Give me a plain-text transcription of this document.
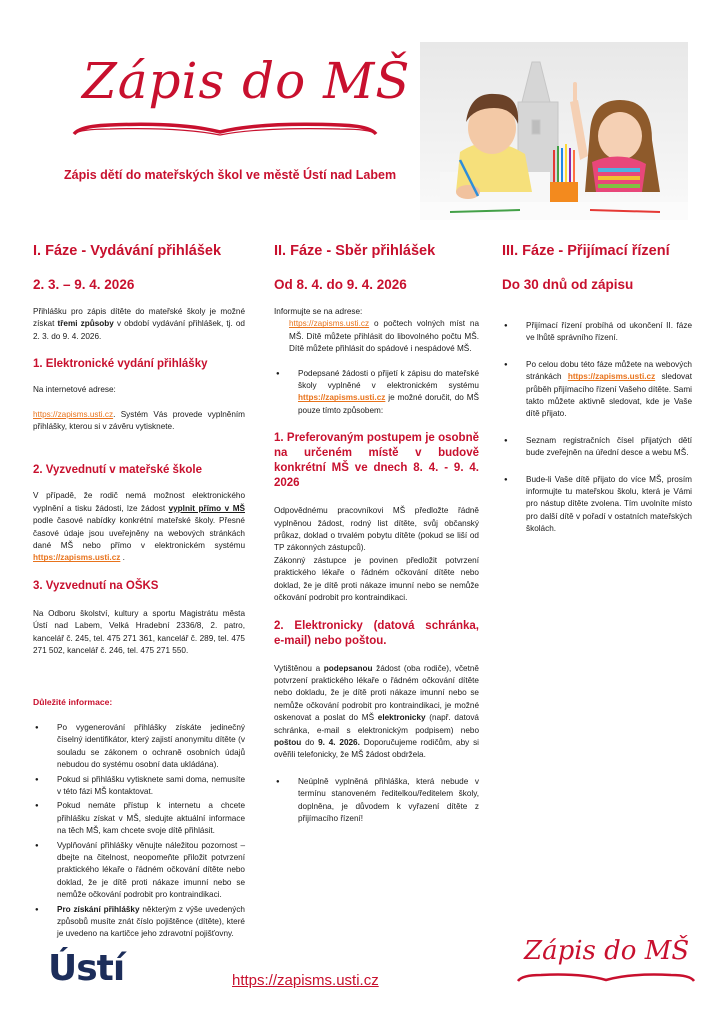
Zápis do MŠ
Zápis dětí do mateřských škol ve městě Ústí nad Labem
I. Fáze - Vydávání přihlášek
2. 3. – 9. 4. 2026

Přihlášku pro zápis dítěte do mateřské školy je možné získat třemi způsoby v období vydávání přihlášek, tj. od 2. 3. do 9. 4. 2026.

1. Elektronické vydání přihlášky

Na internetové adrese:

https://zapisms.usti.cz. Systém Vás provede vyplněním přihlášky, kterou si v závěru vytisknete.

2. Vyzvednutí v mateřské škole

V případě, že rodič nemá možnost elektronického vyplnění a tisku žádosti, lze žádost vyplnit přímo v MŠ podle časové nabídky konkrétní mateřské školy. Přesné časové údaje jsou uveřejněny na webových stránkách dané MŠ nebo přímo v elektronickém systému https://zapisms.usti.cz .

3. Vyzvednutí na OŠKS

Na Odboru školství, kultury a sportu Magistrátu města Ústí nad Labem, Velká Hradební 2336/8, 2. patro, kancelář č. 245, tel. 475 271 361, kancelář č. 289, tel. 475 271 502, kancelář č. 246, tel. 475 271 550.

Důležité informace:
● Po vygenerování přihlášky získáte jedinečný číselný identifikátor, který zajistí anonymitu dítěte (v souladu se zákonem o ochraně osobních údajů nebudou do systému osobní data ukládána).
● Pokud si přihlášku vytisknete sami doma, nemusíte v této fázi MŠ kontaktovat.
● Pokud nemáte přístup k internetu a chcete přihlášku získat v MŠ, sledujte aktuální informace na těch MŠ, kam chcete svoje dítě přihlásit.
● Vyplňování přihlášky věnujte náležitou pozornost – dbejte na čitelnost, neopomeňte přiložit potvrzení praktického lékaře o řádném očkování dítěte nebo doklad, že je dítě proti nákaze imunní nebo se nemůže očkování podrobit pro kontraindikaci.
● Pro získání přihlášky některým z výše uvedených způsobů musíte znát číslo pojištěnce (dítěte), které je uvedeno na kartičce jeho zdravotní pojišťovny.
II. Fáze - Sběr přihlášek
Od 8. 4. do 9. 4. 2026

Informujte se na adrese:

https://zapisms.usti.cz o počtech volných míst na MŠ. Dítě můžete přihlásit do libovolného počtu MŠ. Dítě můžete přihlásit do spádové i nespádové MŠ.

● Podepsané žádosti o přijetí k zápisu do mateřské školy vyplněné v elektronickém systému https://zapisms.usti.cz je možné doručit, do MŠ pouze tímto způsobem:
1. Preferovaným postupem je osobně na určeném místě v budově konkrétní MŠ ve dnech 8. 4. - 9. 4. 2026

Odpovědnému pracovníkovi MŠ předložte řádně vyplněnou žádost, rodný list dítěte, svůj občanský průkaz, doklad o trvalém pobytu dítěte (pokud se liší od TP zákonných zástupců).

Zákonný zástupce je povinen předložit potvrzení praktického lékaře o řádném očkování dítěte nebo doklad, že je dítě proti nákaze imunní nebo se nemůže očkování podrobit pro kontraindikaci.

2.   Elektronicky   (datová   schránka, e-mail) nebo poštou.

Vytištěnou a podepsanou žádost (oba rodiče), včetně potvrzení praktického lékaře o řádném očkování dítěte nebo dokladu, že je dítě proti nákaze imunní nebo se nemůže očkování podrobit pro kontraindikaci, je možné oskenovat a poslat do MŠ elektronicky (např. datová schránka, e-mail s elektronickým podpisem) nebo poštou do 9. 4. 2026. Doporučujeme rodičům, aby si ověřili telefonicky, že MŠ žádost obdržela.

● Neúplně vyplněná přihláška, která nebude v termínu stanoveném ředitelkou/ředitelem školy, doplněna, je důvodem k vyřazení dítěte z přijímacího řízení!
III. Fáze - Přijímací řízení
Do 30 dnů od zápisu
● Přijímací řízení probíhá od ukončení II. fáze ve lhůtě správního řízení.
● Po celou dobu této fáze můžete na webových stránkách https://zapisms.usti.cz sledovat průběh přijímacího řízení Vašeho dítěte. Sami takto můžete aktivně sledovat, kde je Vaše dítě přijato.
● Seznam registračních čísel přijatých dětí bude zveřejněn na úřední desce a webu MŠ.
● Bude-li Vaše dítě přijato do více MŠ, prosím informujte tu mateřskou školu, která je Vámi pro nástup dítěte zvolena. Tím uvolníte místo pro další dítě v pořadí v ostatních mateřských školách.
Ústí	https://zapisms.usti.cz
Zápis do MŠ
